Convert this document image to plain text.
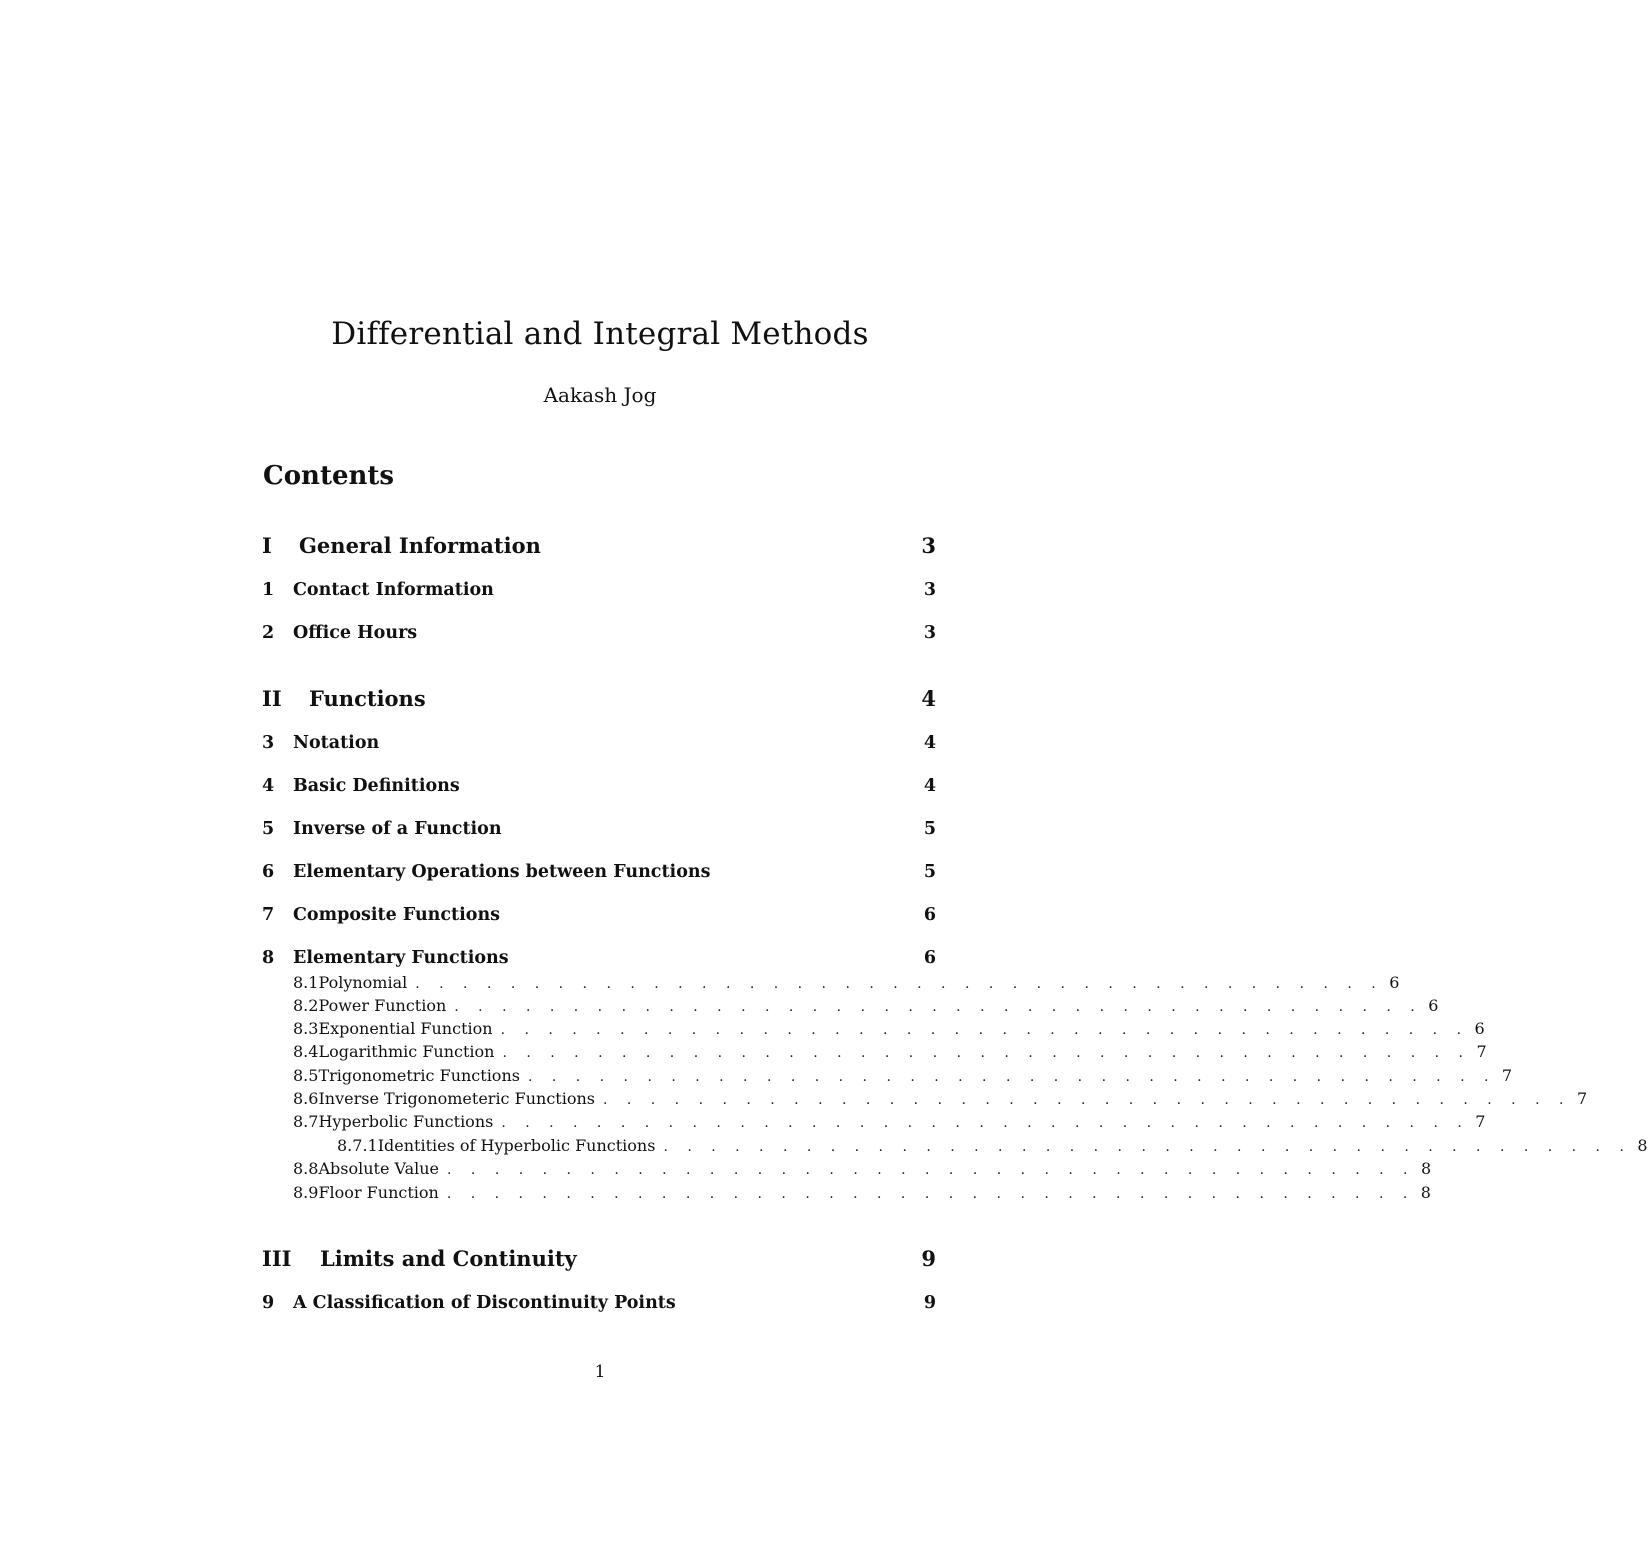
Differential and Integral Methods
Aakash Jog
Contents
I	General Information	3
1	Contact Information	3
2	Office Hours	3
II	Functions	4
3	Notation	4
4	Basic Definitions	4
5	Inverse of a Function	5
6	Elementary Operations between Functions	5
7	Composite Functions	6
8	Elementary Functions	6
8.1 Polynomial . . . . . . . . . . . . . . . . . . . . . . . . . . . . . . . . . . . . . . . . . 6
8.2 Power Function . . . . . . . . . . . . . . . . . . . . . . . . . . . . . . . . . . . . . . . . . 6
8.3 Exponential Function . . . . . . . . . . . . . . . . . . . . . . . . . . . . . . . . . . . . . . . . . 6
8.4 Logarithmic Function . . . . . . . . . . . . . . . . . . . . . . . . . . . . . . . . . . . . . . . . . 7
8.5 Trigonometric Functions . . . . . . . . . . . . . . . . . . . . . . . . . . . . . . . . . . . . . . . . . 7
8.6 Inverse Trigonometeric Functions . . . . . . . . . . . . . . . . . . . . . . . . . . . . . . . . . . . . . . . . . 7
8.7 Hyperbolic Functions . . . . . . . . . . . . . . . . . . . . . . . . . . . . . . . . . . . . . . . . . 7
8.7.1 Identities of Hyperbolic Functions . . . . . . . . . . . . . . . . . . . . . . . . . . . . . . . . . . . . . . . . . 8
8.8 Absolute Value . . . . . . . . . . . . . . . . . . . . . . . . . . . . . . . . . . . . . . . . . 8
8.9 Floor Function . . . . . . . . . . . . . . . . . . . . . . . . . . . . . . . . . . . . . . . . . 8
III	Limits and Continuity	9
9	A Classification of Discontinuity Points	9
1
